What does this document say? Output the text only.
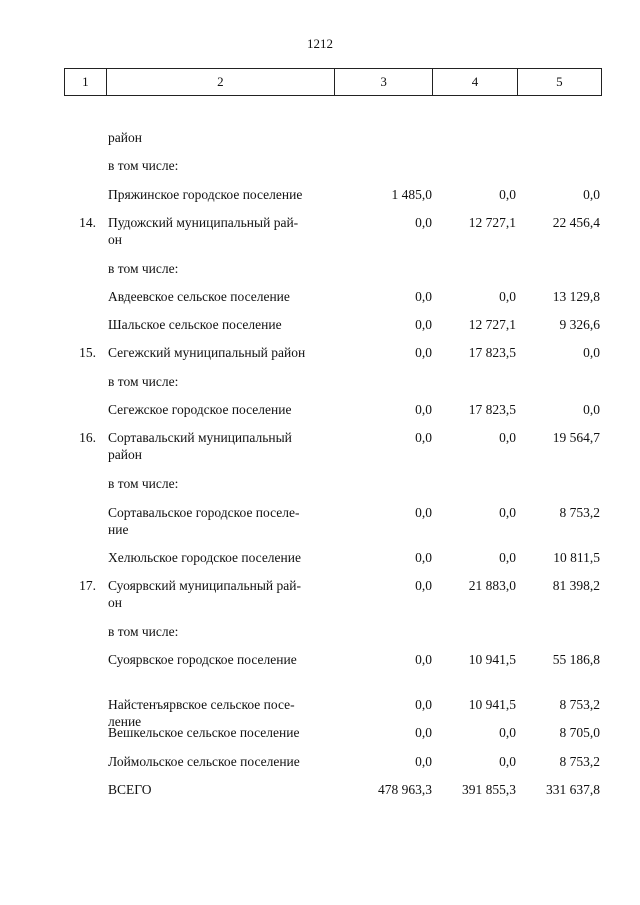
1212
1	2	3	4	5
район
в том числе:
Пряжинское городское поселение	1 485,0	0,0	0,0
14. Пудожский муниципальный рай-
он
0,0	12 727,1	22 456,4
в том числе:
Авдеевское сельское поселение	0,0	0,0	13 129,8
Шальское сельское поселение	0,0	12 727,1	9 326,6
15. Сегежский муниципальный район	0,0	17 823,5	0,0
в том числе:
Сегежское городское поселение	0,0	17 823,5	0,0
16. Сортавальский муниципальный
район
0,0	0,0	19 564,7
в том числе:
Сортавальское городское поселе-
ние
0,0	0,0	8 753,2
Хелюльское городское поселение	0,0	0,0	10 811,5
17. Суоярвский муниципальный рай-
он
0,0	21 883,0	81 398,2
в том числе:
Суоярвское городское поселение	0,0	10 941,5	55 186,8
Найстенъярвское сельское посе-
ление
0,0	10 941,5	8 753,2
Вешкельское сельское поселение	0,0	0,0	8 705,0
Лоймольское сельское поселение	0,0	0,0	8 753,2
ВСЕГО	478 963,3	391 855,3	331 637,8
